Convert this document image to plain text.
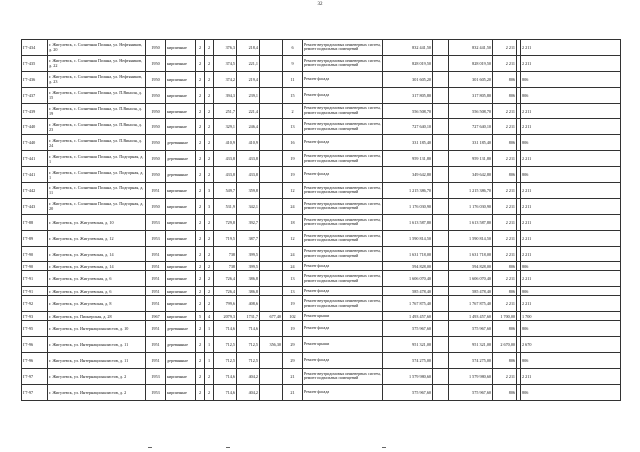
32
Г7-434	г. Жигулевск, с. Солнечная Поляна, ул. Нефтяников, д. 20	1950	кирпичные	2	2	376,3	218,4		6	Ремонт внутридомовых инженерных систем, ремонт подвальных помещений	832 441,50		832 441,50	2 211		2 211
Г7-435	г. Жигулевск, с. Солнечная Поляна, ул. Нефтяников, д. 22	1950	кирпичные	2	2	374,5	221,1		9	Ремонт внутридомовых инженерных систем, ремонт подвальных помещений	828 019,50		828 019,50	2 211		2 211
Г7-436	г. Жигулевск, с. Солнечная Поляна, ул. Нефтяников, д. 23	1950	кирпичные	2	2	374,2	219,4		11	Ремонт фасада	301 605,20		301 605,20	806		806
Г7-437	г. Жигулевск, с. Солнечная Поляна, ул. П.Виноля, д. 15	1950	кирпичные	2	2	394,3	239,1		15	Ремонт фасада	317 805,80		317 805,80	806		806
Г7-439	г. Жигулевск, с. Солнечная Поляна, ул. П.Виноля, д. 19	1950	кирпичные	2	2	251,7	221,4		2	Ремонт внутридомовых инженерных систем, ремонт подвальных помещений	556 508,70		556 508,70	2 211		2 211
Г7-440	г. Жигулевск, с. Солнечная Поляна, ул. П.Виноля, д. 23	1950	кирпичные	2	2	329,1	246,4		13	Ремонт внутридомовых инженерных систем, ремонт подвальных помещений	727 640,10		727 640,10	2 211		2 211
Г7-440	г. Жигулевск, с. Солнечная Поляна, ул. П.Виноля, д. 24	1950	деревянные	2	2	410,9	410,9		16	Ремонт фасада	331 185,40		331 185,40	806		806
Г7-441	г. Жигулевск, с. Солнечная Поляна, ул. Подгорная, д. 1	1950	деревянные	2	2	433,8	433,8		19	Ремонт внутридомовых инженерных систем, ремонт подвальных помещений	959 131,80		959 131,80	2 211		2 211
Г7-441	г. Жигулевск, с. Солнечная Поляна, ул. Подгорная, д. 1	1950	деревянные	2	2	433,8	433,8		19	Ремонт фасада	349 642,80		349 642,80	806		806
Г7-442	г. Жигулевск, с. Солнечная Поляна, ул. Подгорная, д. 11	1951	кирпичные	2	3	549,7	359,8		12	Ремонт внутридомовых инженерных систем, ремонт подвальных помещений	1 215 386,70		1 215 386,70	2 211		2 211
Г7-443	г. Жигулевск, с. Солнечная Поляна, ул. Подгорная, д. 20	1950	кирпичные	2	3	531,9	342,1		24	Ремонт внутридомовых инженерных систем, ремонт подвальных помещений	1 176 030,90		1 176 030,90	2 211		2 211
Г7-88	г. Жигулевск, ул. Жигулевская, д. 10	1953	кирпичные	2	2	729,8	392,7		18	Ремонт внутридомовых инженерных систем, ремонт подвальных помещений	1 613 587,80		1 613 587,80	2 211		2 211
Г7-89	г. Жигулевск, ул. Жигулевская, д. 12	1953	кирпичные	2	2	719,5	387,7		12	Ремонт внутридомовых инженерных систем, ремонт подвальных помещений	1 590 814,50		1 590 814,50	2 211		2 211
Г7-90	г. Жигулевск, ул. Жигулевская, д. 14	1951	кирпичные	2	2	738	399,5		24	Ремонт внутридомовых инженерных систем, ремонт подвальных помещений	1 631 718,00		1 631 718,00	2 211		2 211
Г7-90	г. Жигулевск, ул. Жигулевская, д. 14	1951	кирпичные	2	2	738	399,5		24	Ремонт фасада	594 828,00		594 828,00	806		806
Г7-91	г. Жигулевск, ул. Жигулевская, д. 6	1951	кирпичные	2	2	726,4	386,8		13	Ремонт внутридомовых инженерных систем, ремонт подвальных помещений	1 606 070,40		1 606 070,40	2 211		2 211
Г7-91	г. Жигулевск, ул. Жигулевская, д. 6	1951	кирпичные	2	2	726,4	386,8		13	Ремонт фасада	585 478,40		585 478,40	806		806
Г7-92	г. Жигулевск, ул. Жигулевская, д. 8	1951	кирпичные	2	2	799,6	408,6		19	Ремонт внутридомовых инженерных систем, ремонт подвальных помещений	1 767 875,40		1 767 875,40	2 211		2 211
Г7-93	г. Жигулевск, ул. Пионерская, д. 28	1967	кирпичные	5	4	2079,3	1731,7	677,40	102	Ремонт крыши	1 493 457,60		1 493 457,60	1 700,00		1 700
Г7-95	г. Жигулевск, ул. Интернационалистов, д. 10	1951	деревянные	2	1	714,6	714,6		19	Ремонт фасада	575 967,60		575 967,60	806		806
Г7-96	г. Жигулевск, ул. Интернационалистов, д. 11	1951	деревянные	2	1	712,5	712,5	356,30	29	Ремонт крыши	951 321,00		951 321,00	2 670,00		2 670
Г7-96	г. Жигулевск, ул. Интернационалистов, д. 11	1951	деревянные	2	1	712,5	712,5		29	Ремонт фасада	574 275,00		574 275,00	806		806
Г7-97	г. Жигулевск, ул. Интернационалистов, д. 2	1953	кирпичные	2	2	714,6	404,2		21	Ремонт внутридомовых инженерных систем, ремонт подвальных помещений	1 579 980,60		1 579 980,60	2 211		2 211
Г7-97	г. Жигулевск, ул. Интернационалистов, д. 2	1953	кирпичные	2	2	714,6	404,2		21	Ремонт фасада	575 967,60		575 967,60	806		806
